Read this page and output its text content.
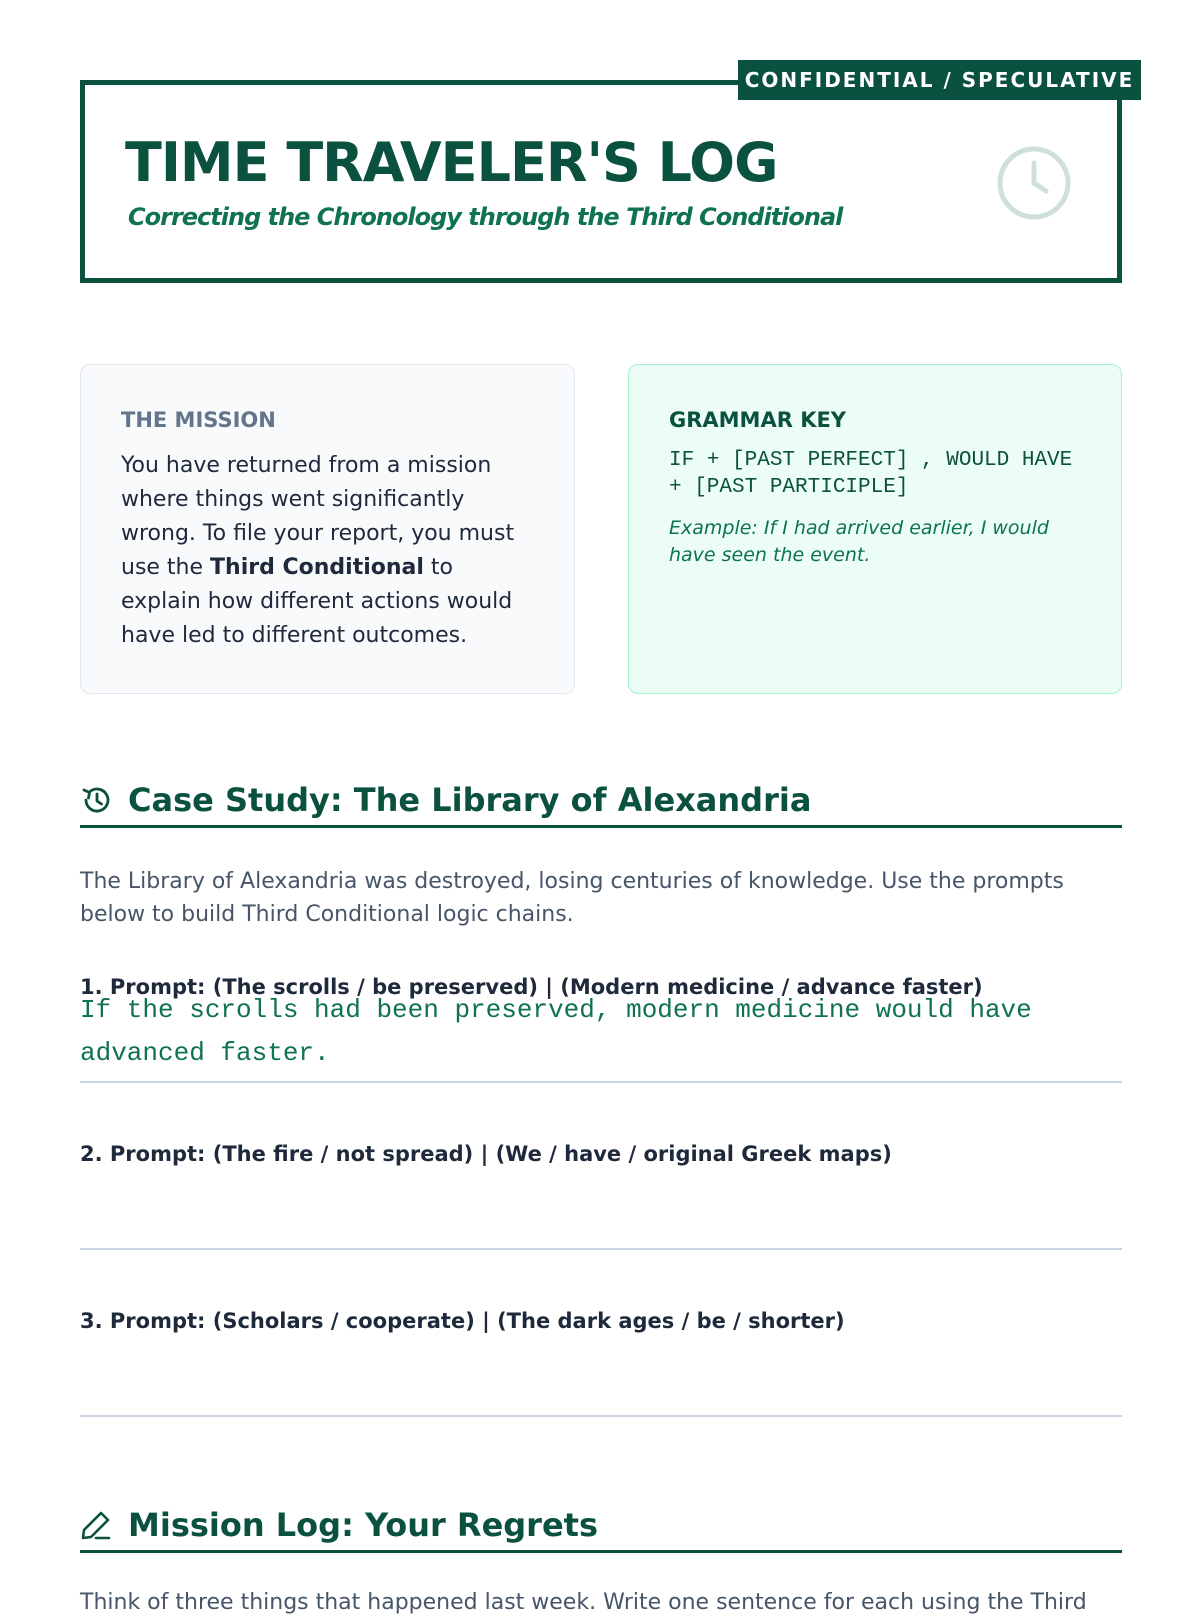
CONFIDENTIAL / SPECULATIVE
TIME TRAVELER'S LOG
Correcting the Chronology through the Third Conditional
THE MISSION
You have returned from a mission where things went significantly wrong. To file your report, you must use the Third Conditional to explain how different actions would have led to different outcomes.
GRAMMAR KEY
IF + [PAST PERFECT] , WOULD HAVE + [PAST PARTICIPLE]
Example: If I had arrived earlier, I would have seen the event.
Case Study: The Library of Alexandria
The Library of Alexandria was destroyed, losing centuries of knowledge. Use the prompts below to build Third Conditional logic chains.
1. Prompt: (The scrolls / be preserved) | (Modern medicine / advance faster)
If the scrolls had been preserved, modern medicine would have advanced faster.
2. Prompt: (The fire / not spread) | (We / have / original Greek maps)
3. Prompt: (Scholars / cooperate) | (The dark ages / be / shorter)
Mission Log: Your Regrets
Think of three things that happened last week. Write one sentence for each using the Third
